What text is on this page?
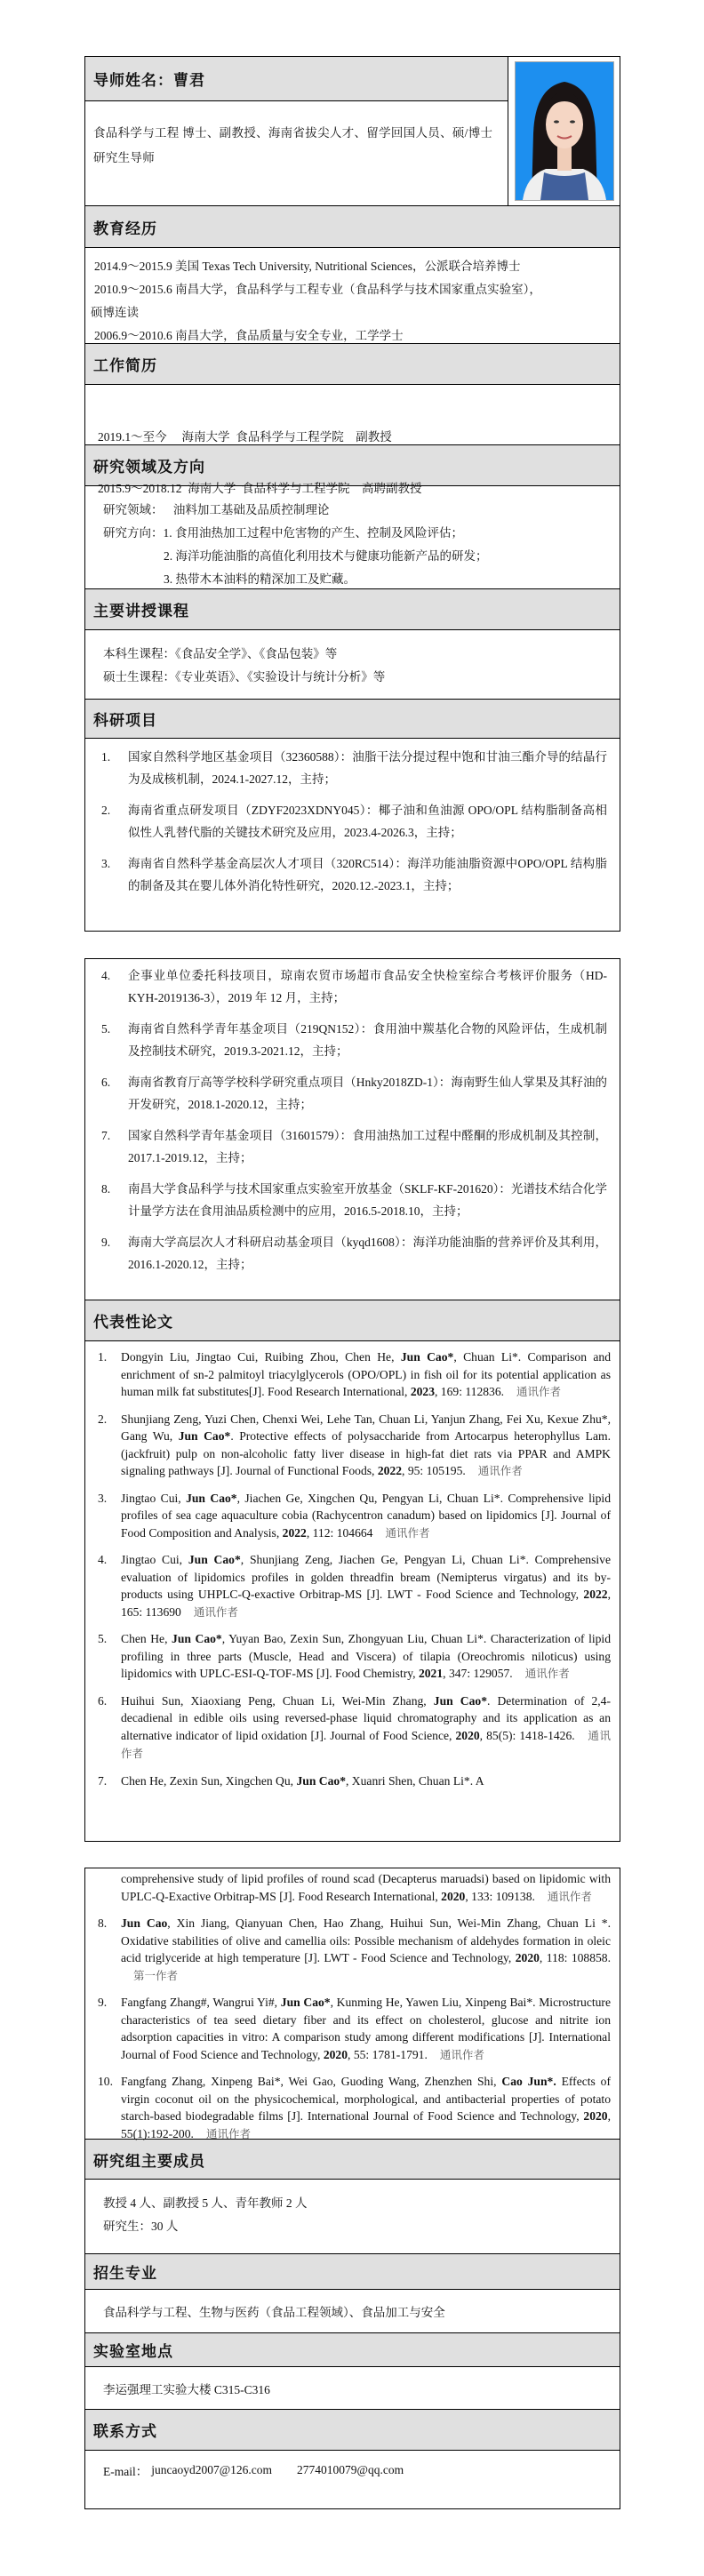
导师姓名：曹君
食品科学与工程 博士、副教授、海南省拔尖人才、留学回国人员、硕/博士研究生导师
教育经历
2014.9～2015.9 美国 Texas Tech University, Nutritional Sciences，公派联合培养博士
2010.9～2015.6 南昌大学，食品科学与工程专业（食品科学与技术国家重点实验室），
硕博连读
2006.9～2010.6 南昌大学，食品质量与安全专业，工学学士
工作简历

2019.1～至今     海南大学  食品科学与工程学院    副教授

2015.9～2018.12  海南大学  食品科学与工程学院    高聘副教授

研究领域及方向
研究领域： 油料加工基础及品质控制理论
研究方向：1. 食用油热加工过程中危害物的产生、控制及风险评估；
2. 海洋功能油脂的高值化利用技术与健康功能新产品的研发；
3. 热带木本油料的精深加工及贮藏。
主要讲授课程
本科生课程：《食品安全学》、《食品包装》等
硕士生课程：《专业英语》、《实验设计与统计分析》等
科研项目
1.	国家自然科学地区基金项目（32360588）：油脂干法分提过程中饱和甘油三酯介导的结晶行为及成核机制，2024.1-2027.12，主持；
2.	海南省重点研发项目（ZDYF2023XDNY045）：椰子油和鱼油源 OPO/OPL 结构脂制备高相似性人乳替代脂的关键技术研究及应用，2023.4-2026.3，主持；
3.	海南省自然科学基金高层次人才项目（320RC514）：海洋功能油脂资源中OPO/OPL 结构脂的制备及其在婴儿体外消化特性研究，2020.12.-2023.1，主持；
4.	企事业单位委托科技项目，琼南农贸市场超市食品安全快检室综合考核评价服务（HD-KYH-2019136-3），2019 年 12 月，主持；
5.	海南省自然科学青年基金项目（219QN152）：食用油中羰基化合物的风险评估，生成机制及控制技术研究，2019.3-2021.12，主持；
6.	海南省教育厅高等学校科学研究重点项目（Hnky2018ZD-1）：海南野生仙人掌果及其籽油的开发研究，2018.1-2020.12，主持；
7.	国家自然科学青年基金项目（31601579）：食用油热加工过程中醛酮的形成机制及其控制，2017.1-2019.12，主持；
8.	南昌大学食品科学与技术国家重点实验室开放基金（SKLF-KF-201620）：光谱技术结合化学计量学方法在食用油品质检测中的应用，2016.5-2018.10，主持；
9.	海南大学高层次人才科研启动基金项目（kyqd1608）：海洋功能油脂的营养评价及其利用，2016.1-2020.12，主持；
代表性论文
1.	Dongyin Liu, Jingtao Cui, Ruibing Zhou, Chen He, Jun Cao*, Chuan Li*. Comparison and enrichment of sn-2 palmitoyl triacylglycerols (OPO/OPL) in fish oil for its potential application as human milk fat substitutes[J]. Food Research International, 2023, 169: 112836. 通讯作者
2.	Shunjiang Zeng, Yuzi Chen, Chenxi Wei, Lehe Tan, Chuan Li, Yanjun Zhang, Fei Xu, Kexue Zhu*, Gang Wu, Jun Cao*. Protective effects of polysaccharide from Artocarpus heterophyllus Lam. (jackfruit) pulp on non-alcoholic fatty liver disease in high-fat diet rats via PPAR and AMPK signaling pathways [J]. Journal of Functional Foods, 2022, 95: 105195. 通讯作者
3.	Jingtao Cui, Jun Cao*, Jiachen Ge, Xingchen Qu, Pengyan Li, Chuan Li*. Comprehensive lipid profiles of sea cage aquaculture cobia (Rachycentron canadum) based on lipidomics [J]. Journal of Food Composition and Analysis, 2022, 112: 104664 通讯作者
4.	Jingtao Cui, Jun Cao*, Shunjiang Zeng, Jiachen Ge, Pengyan Li, Chuan Li*. Comprehensive evaluation of lipidomics profiles in golden threadfin bream (Nemipterus virgatus) and its by-products using UHPLC-Q-exactive Orbitrap-MS [J]. LWT - Food Science and Technology, 2022, 165: 113690 通讯作者
5.	Chen He, Jun Cao*, Yuyan Bao, Zexin Sun, Zhongyuan Liu, Chuan Li*. Characterization of lipid profiling in three parts (Muscle, Head and Viscera) of tilapia (Oreochromis niloticus) using lipidomics with UPLC-ESI-Q-TOF-MS [J]. Food Chemistry, 2021, 347: 129057. 通讯作者
6.	Huihui Sun, Xiaoxiang Peng, Chuan Li, Wei-Min Zhang, Jun Cao*. Determination of 2,4-decadienal in edible oils using reversed-phase liquid chromatography and its application as an alternative indicator of lipid oxidation [J]. Journal of Food Science, 2020, 85(5): 1418-1426. 通讯作者
7.	Chen He, Zexin Sun, Xingchen Qu, Jun Cao*, Xuanri Shen, Chuan Li*. A
comprehensive study of lipid profiles of round scad (Decapterus maruadsi) based on lipidomic with UPLC-Q-Exactive Orbitrap-MS [J]. Food Research International, 2020, 133: 109138. 通讯作者
8.	Jun Cao, Xin Jiang, Qianyuan Chen, Hao Zhang, Huihui Sun, Wei-Min Zhang, Chuan Li *. Oxidative stabilities of olive and camellia oils: Possible mechanism of aldehydes formation in oleic acid triglyceride at high temperature [J]. LWT - Food Science and Technology, 2020, 118: 108858.第一作者
9.	Fangfang Zhang#, Wangrui Yi#, Jun Cao*, Kunming He, Yawen Liu, Xinpeng Bai*. Microstructure characteristics of tea seed dietary fiber and its effect on cholesterol, glucose and nitrite ion adsorption capacities in vitro: A comparison study among different modifications [J]. International Journal of Food Science and Technology, 2020, 55: 1781-1791. 通讯作者
10. Fangfang Zhang, Xinpeng Bai*, Wei Gao, Guoding Wang, Zhenzhen Shi, Cao Jun*. Effects of virgin coconut oil on the physicochemical, morphological, and antibacterial properties of potato starch-based biodegradable films [J]. International Journal of Food Science and Technology, 2020, 55(1):192-200. 通讯作者
研究组主要成员
教授 4 人、副教授 5 人、青年教师 2 人
研究生：30 人
招生专业
食品科学与工程、生物与医药（食品工程领域）、食品加工与安全
实验室地点
李运强理工实验大楼 C315-C316
联系方式
E-mail： juncaoyd2007@126.com 2774010079@qq.com
